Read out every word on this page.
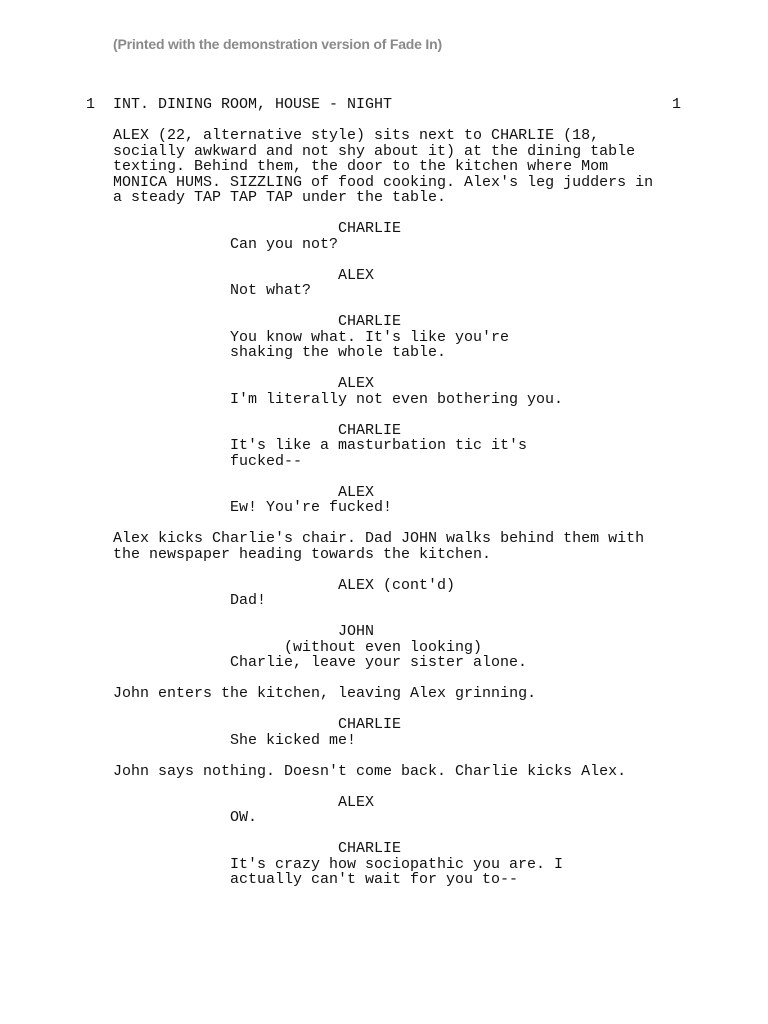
(Printed with the demonstration version of Fade In)

1

INT. DINING ROOM, HOUSE - NIGHT

	1

ALEX (22, alternative style) sits next to CHARLIE (18,
socially awkward and not shy about it) at the dining table
texting. Behind them, the door to the kitchen where Mom
MONICA HUMS. SIZZLING of food cooking. Alex's leg judders in
a steady TAP TAP TAP under the table.
CHARLIE
Can you not?
ALEX
Not what?
CHARLIE
You know what. It's like you're
shaking the whole table.
ALEX
I'm literally not even bothering you.
CHARLIE
It's like a masturbation tic it's
fucked--
ALEX
Ew! You're fucked!
Alex kicks Charlie's chair. Dad JOHN walks behind them with
the newspaper heading towards the kitchen.
ALEX (cont'd)
Dad!
JOHN
(without even looking)
Charlie, leave your sister alone.
John enters the kitchen, leaving Alex grinning.
CHARLIE
She kicked me!
John says nothing. Doesn't come back. Charlie kicks Alex.
ALEX
OW.
CHARLIE
It's crazy how sociopathic you are. I
actually can't wait for you to--
